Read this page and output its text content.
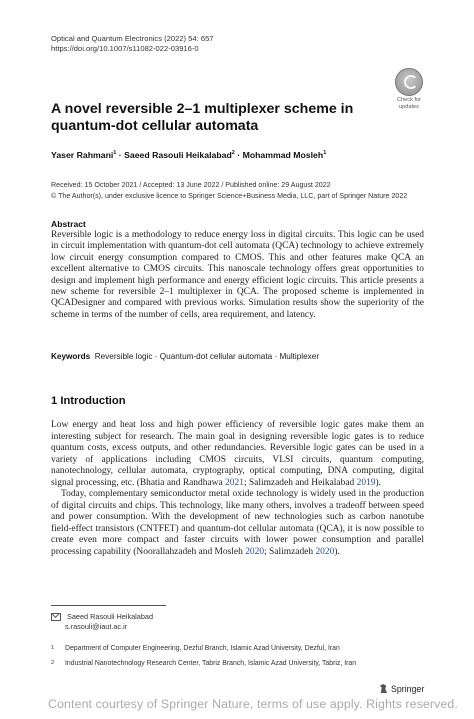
Optical and Quantum Electronics (2022) 54: 657
https://doi.org/10.1007/s11082-022-03916-0
Check for
updates
A novel reversible 2–1 multiplexer scheme in quantum-dot cellular automata
Yaser Rahmani$^1$ · Saeed Rasouli Heikalabad$^2$ · Mohammad Mosleh$^1$
Received: 15 October 2021 / Accepted: 13 June 2022 / Published online: 29 August 2022
© The Author(s), under exclusive licence to Springer Science+Business Media, LLC, part of Springer Nature 2022
Abstract
Reversible logic is a methodology to reduce energy loss in digital circuits. This logic can be used in circuit implementation with quantum-dot cell automata (QCA) technology to achieve extremely low circuit energy consumption compared to CMOS. This and other features make QCA an excellent alternative to CMOS circuits. This nanoscale technology offers great opportunities to design and implement high performance and energy efficient logic circuits. This article presents a new scheme for reversible 2–1 multiplexer in QCA. The proposed scheme is implemented in QCADesigner and compared with previous works. Simulation results show the superiority of the scheme in terms of the number of cells, area requirement, and latency.
Keywords Reversible logic · Quantum-dot cellular automata · Multiplexer
1 Introduction

Low energy and heat loss and high power efficiency of reversible logic gates make them an interesting subject for research. The main goal in designing reversible logic gates is to reduce quantum costs, excess outputs, and other redundancies. Reversible logic gates can be used in a variety of applications including CMOS circuits, VLSI circuits, quantum computing, nanotechnology, cellular automata, cryptography, optical computing, DNA computing, digital signal processing, etc. (Bhatia and Randhawa 2021; Salimzadeh and Heikalabad 2019).

Today, complementary semiconductor metal oxide technology is widely used in the production of digital circuits and chips. This technology, like many others, involves a tradeoff between speed and power consumption. With the development of new technologies such as carbon nanotube field-effect transistors (CNTFET) and quantum-dot cellular automata (QCA), it is now possible to create even more compact and faster circuits with lower power consumption and parallel processing capability (Noorallahzadeh and Mosleh 2020; Salimzadeh 2020).

Saeed Rasouli Heikalabad
s.rasouli@iaut.ac.ir
1 Department of Computer Engineering, Dezful Branch, Islamic Azad University, Dezful, Iran
2 Industrial Nanotechnology Research Center, Tabriz Branch, Islamic Azad University, Tabriz, Iran
Springer
Content courtesy of Springer Nature, terms of use apply. Rights reserved.
